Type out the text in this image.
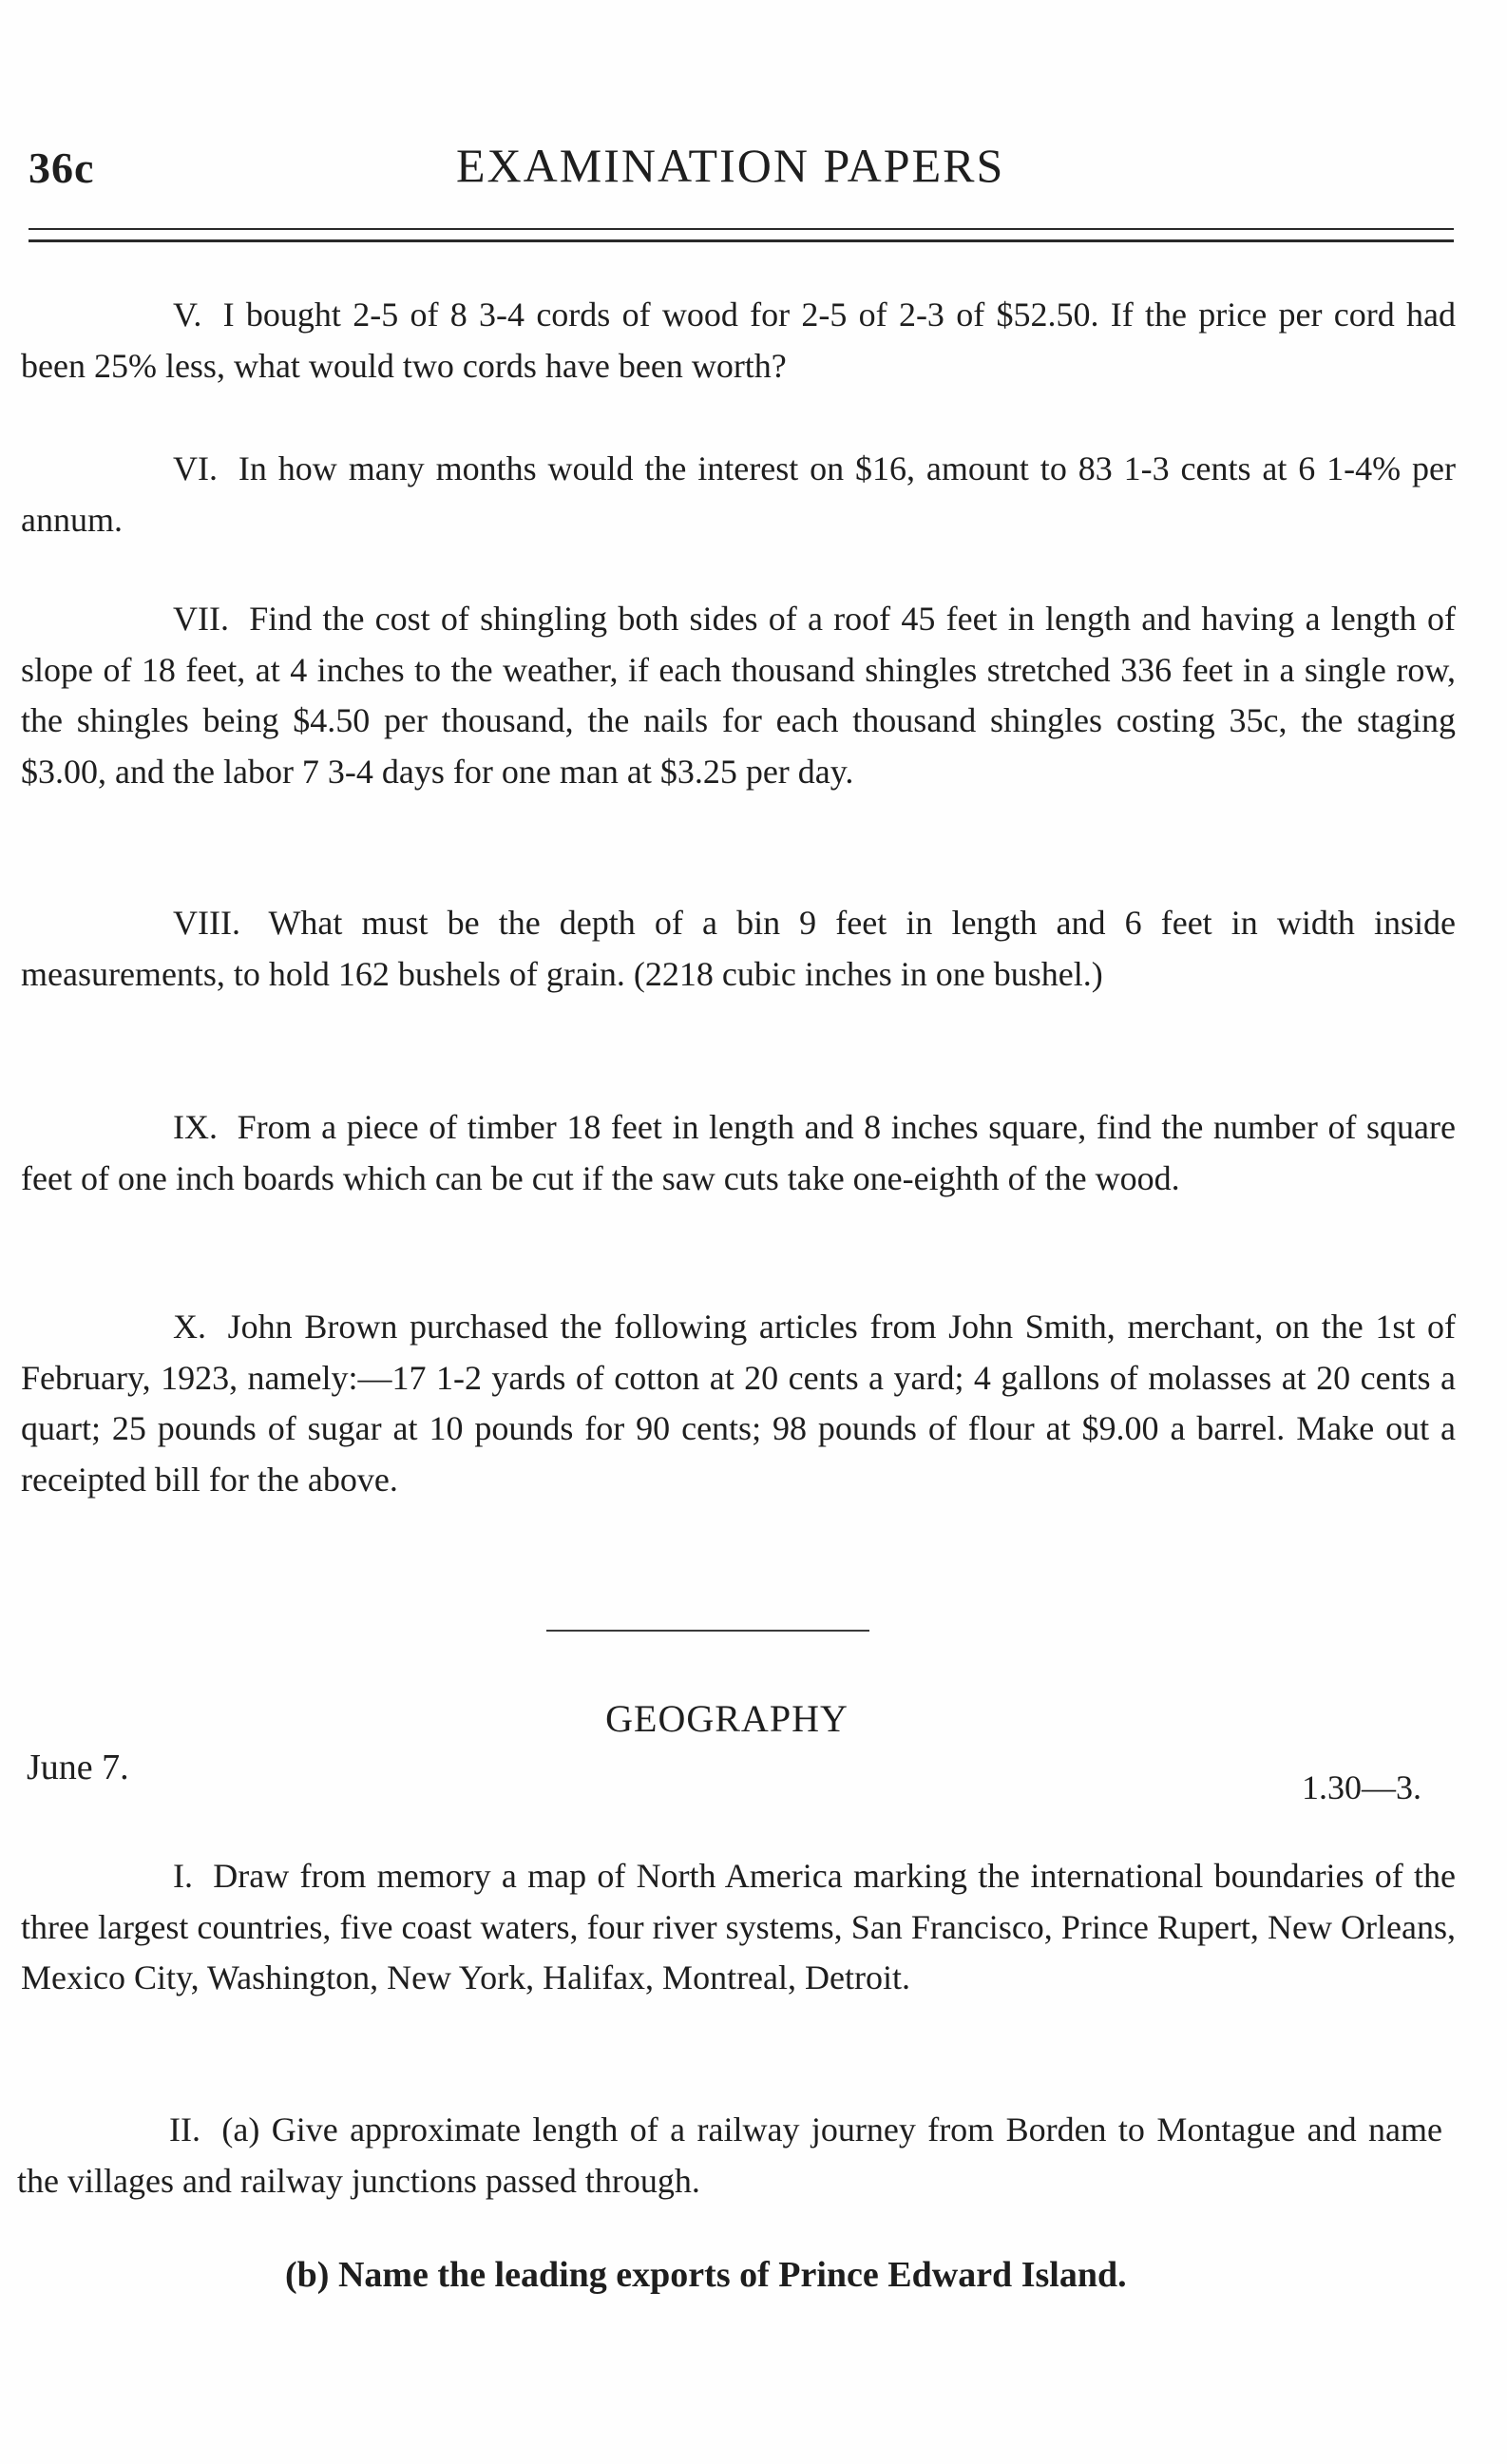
36c	EXAMINATION PAPERS
V. I bought 2-5 of 8 3-4 cords of wood for 2-5 of 2-3 of $52.50. If the price per cord had been 25% less, what would two cords have been worth?
VI. In how many months would the interest on $16, amount to 83 1-3 cents at 6 1-4% per annum.
VII. Find the cost of shingling both sides of a roof 45 feet in length and having a length of slope of 18 feet, at 4 inches to the weather, if each thousand shingles stretched 336 feet in a single row, the shingles being $4.50 per thousand, the nails for each thousand shingles costing 35c, the staging $3.00, and the labor 7 3-4 days for one man at $3.25 per day.
VIII. What must be the depth of a bin 9 feet in length and 6 feet in width inside measurements, to hold 162 bushels of grain. (2218 cubic inches in one bushel.)
IX. From a piece of timber 18 feet in length and 8 inches square, find the number of square feet of one inch boards which can be cut if the saw cuts take one-eighth of the wood.
X. John Brown purchased the following articles from John Smith, merchant, on the 1st of February, 1923, namely:—17 1-2 yards of cotton at 20 cents a yard; 4 gallons of molasses at 20 cents a quart; 25 pounds of sugar at 10 pounds for 90 cents; 98 pounds of flour at $9.00 a barrel. Make out a receipted bill for the above.
GEOGRAPHY
June 7.	1.30—3.
I. Draw from memory a map of North America marking the international boundaries of the three largest countries, five coast waters, four river systems, San Francisco, Prince Rupert, New Orleans, Mexico City, Washington, New York, Halifax, Montreal, Detroit.
II. (a) Give approximate length of a railway journey from Borden to Montague and name the villages and railway junctions passed through.
(b) Name the leading exports of Prince Edward Island.
